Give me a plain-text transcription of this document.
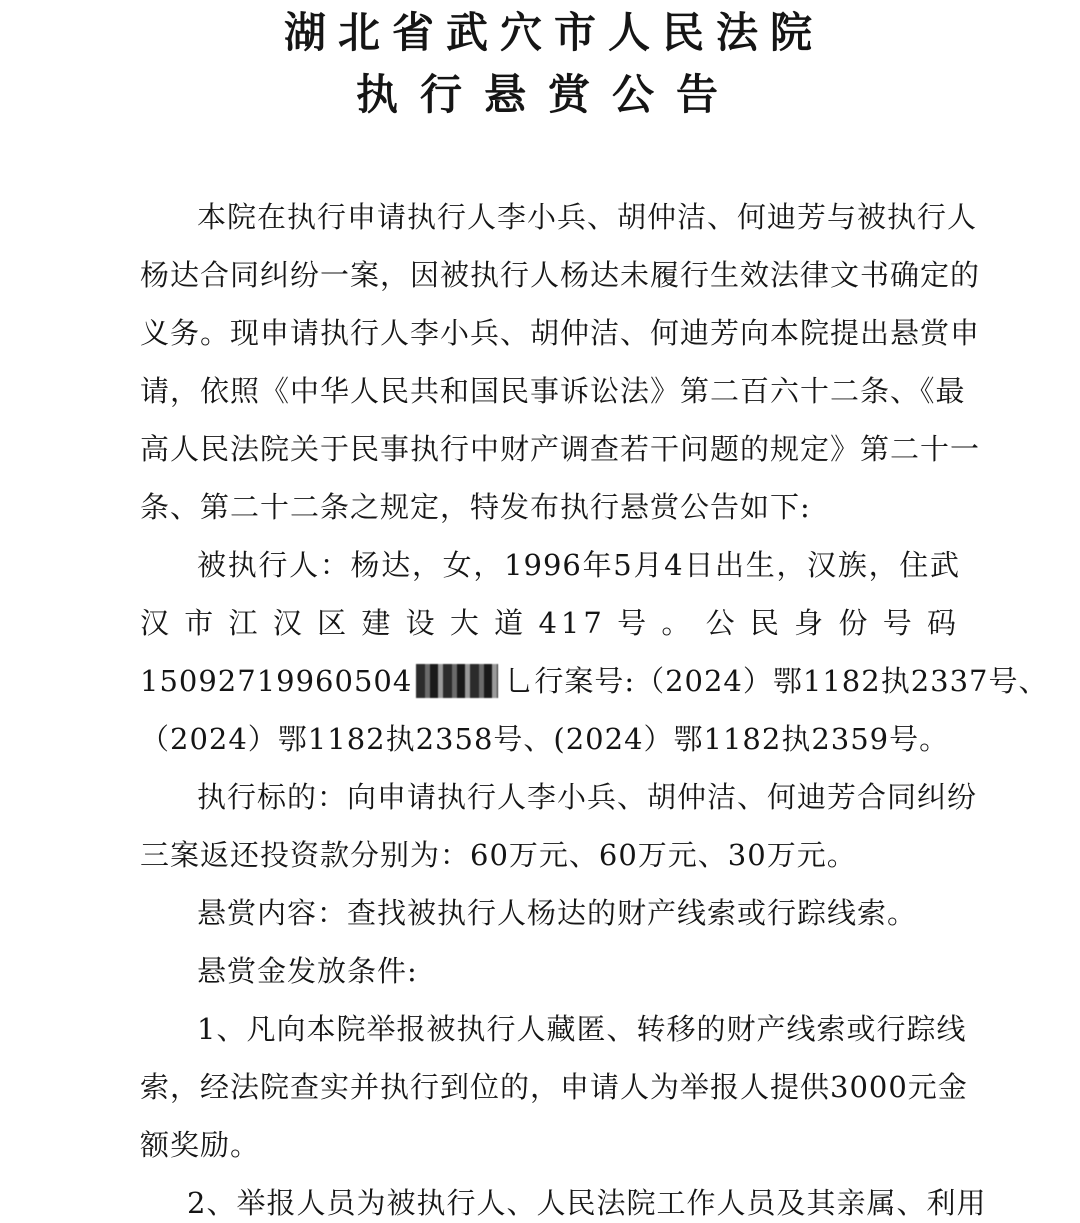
湖北省武穴市人民法院
执行悬赏公告
本院在执行申请执行人李小兵、胡仲洁、何迪芳与被执行人
杨达合同纠纷一案，因被执行人杨达未履行生效法律文书确定的
义务。现申请执行人李小兵、胡仲洁、何迪芳向本院提出悬赏申
请，依照《中华人民共和国民事诉讼法》第二百六十二条、《最
高人民法院关于民事执行中财产调查若干问题的规定》第二十一
条、第二十二条之规定，特发布执行悬赏公告如下:
被执行人：杨达，女，1996年5月4日出生，汉族，住武
汉市江汉区建设大道417号。公民身份号码
15092719960504	⺃行案号:（2024）鄂1182执2337号、
（2024）鄂1182执2358号、(2024）鄂1182执2359号。
执行标的：向申请执行人李小兵、胡仲洁、何迪芳合同纠纷
三案返还投资款分别为：60万元、60万元、30万元。
悬赏内容：查找被执行人杨达的财产线索或行踪线索。
悬赏金发放条件:
1、凡向本院举报被执行人藏匿、转移的财产线索或行踪线
索，经法院查实并执行到位的，申请人为举报人提供3000元金
额奖励。
2、举报人员为被执行人、人民法院工作人员及其亲属、利用
